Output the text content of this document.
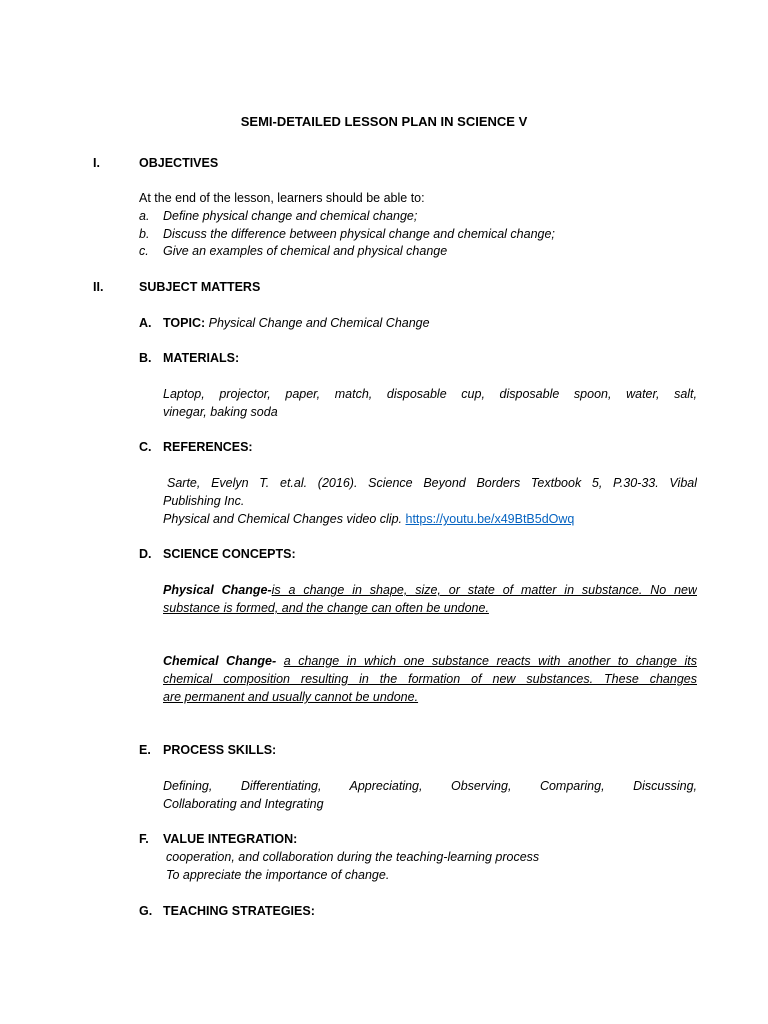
SEMI-DETAILED LESSON PLAN IN SCIENCE V
I.	OBJECTIVES
At the end of the lesson, learners should be able to:
a. Define physical change and chemical change;
b. Discuss the difference between physical change and chemical change;
c. Give an examples of chemical and physical change
II.	SUBJECT MATTERS
A. TOPIC: Physical Change and Chemical Change
B. MATERIALS:
Laptop, projector, paper, match, disposable cup, disposable spoon, water, salt,
vinegar, baking soda
C. REFERENCES:
Sarte, Evelyn T. et.al. (2016). Science Beyond Borders Textbook 5, P.30-33. Vibal
Publishing Inc.
Physical and Chemical Changes video clip. https://youtu.be/x49BtB5dOwq
D. SCIENCE CONCEPTS:
Physical Change-is a change in shape, size, or state of matter in substance. No new
substance is formed, and the change can often be undone.
Chemical Change- a change in which one substance reacts with another to change its
chemical composition resulting in the formation of new substances. These changes
are permanent and usually cannot be undone.
E. PROCESS SKILLS:
Defining, Differentiating, Appreciating, Observing, Comparing, Discussing,
Collaborating and Integrating
F. VALUE INTEGRATION:
cooperation, and collaboration during the teaching-learning process
To appreciate the importance of change.
G. TEACHING STRATEGIES:
